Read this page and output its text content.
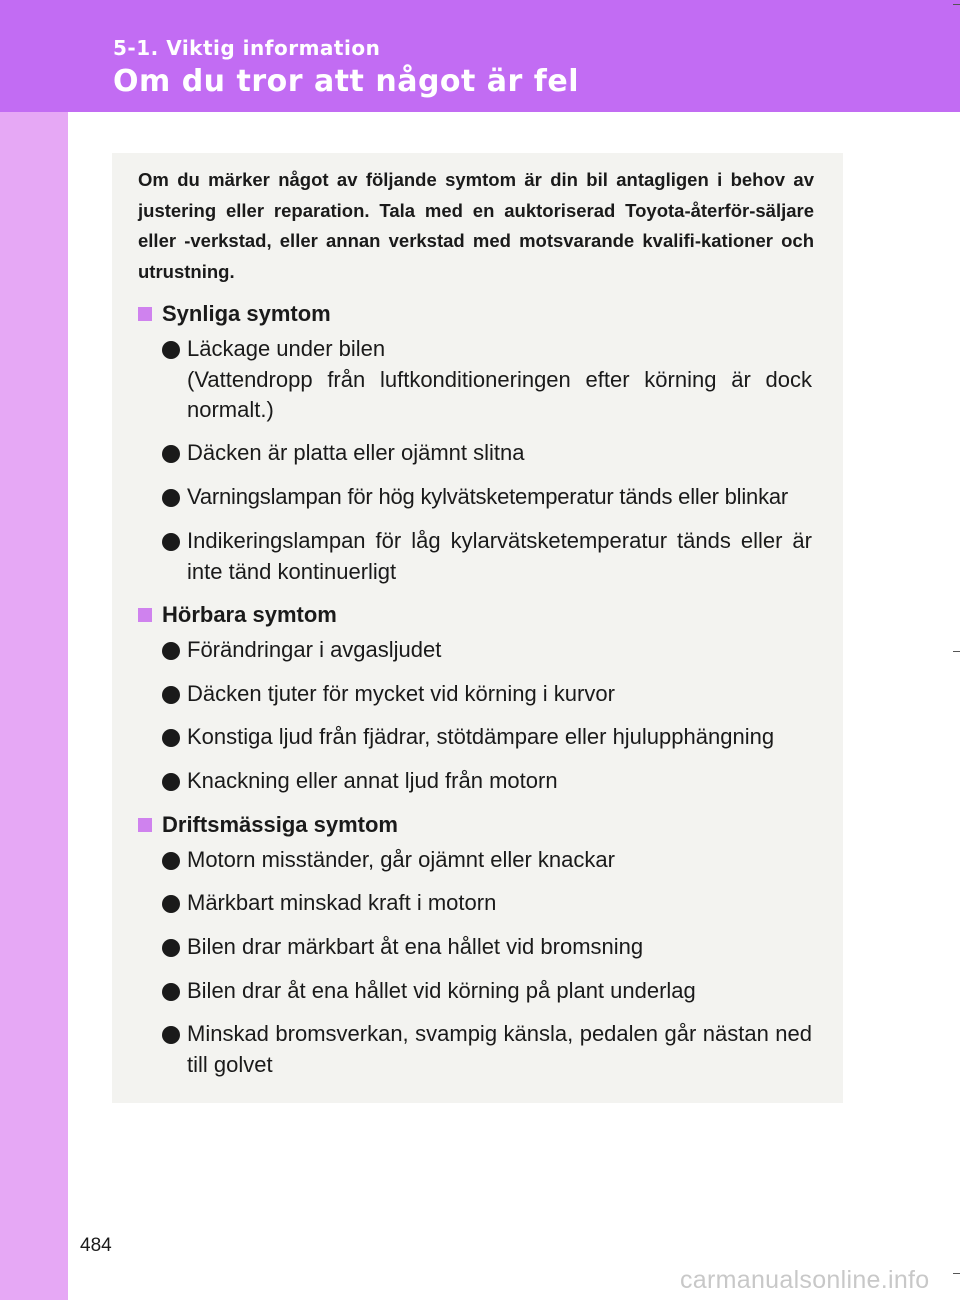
5-1. Viktig information
Om du tror att något är fel
Om du märker något av följande symtom är din bil antagligen i behov av justering eller reparation. Tala med en auktoriserad Toyota-återför-säljare eller -verkstad, eller annan verkstad med motsvarande kvalifi-kationer och utrustning.
Synliga symtom
Läckage under bilen
(Vattendropp från luftkonditioneringen efter körning är dock normalt.)
Däcken är platta eller ojämnt slitna
Varningslampan för hög kylvätsketemperatur tänds eller blinkar
Indikeringslampan för låg kylarvätsketemperatur tänds eller är inte tänd kontinuerligt
Hörbara symtom
Förändringar i avgasljudet
Däcken tjuter för mycket vid körning i kurvor
Konstiga ljud från fjädrar, stötdämpare eller hjulupphängning
Knackning eller annat ljud från motorn
Driftsmässiga symtom
Motorn misständer, går ojämnt eller knackar
Märkbart minskad kraft i motorn
Bilen drar märkbart åt ena hållet vid bromsning
Bilen drar åt ena hållet vid körning på plant underlag
Minskad bromsverkan, svampig känsla, pedalen går nästan ned till golvet
484
carmanualsonline.info
